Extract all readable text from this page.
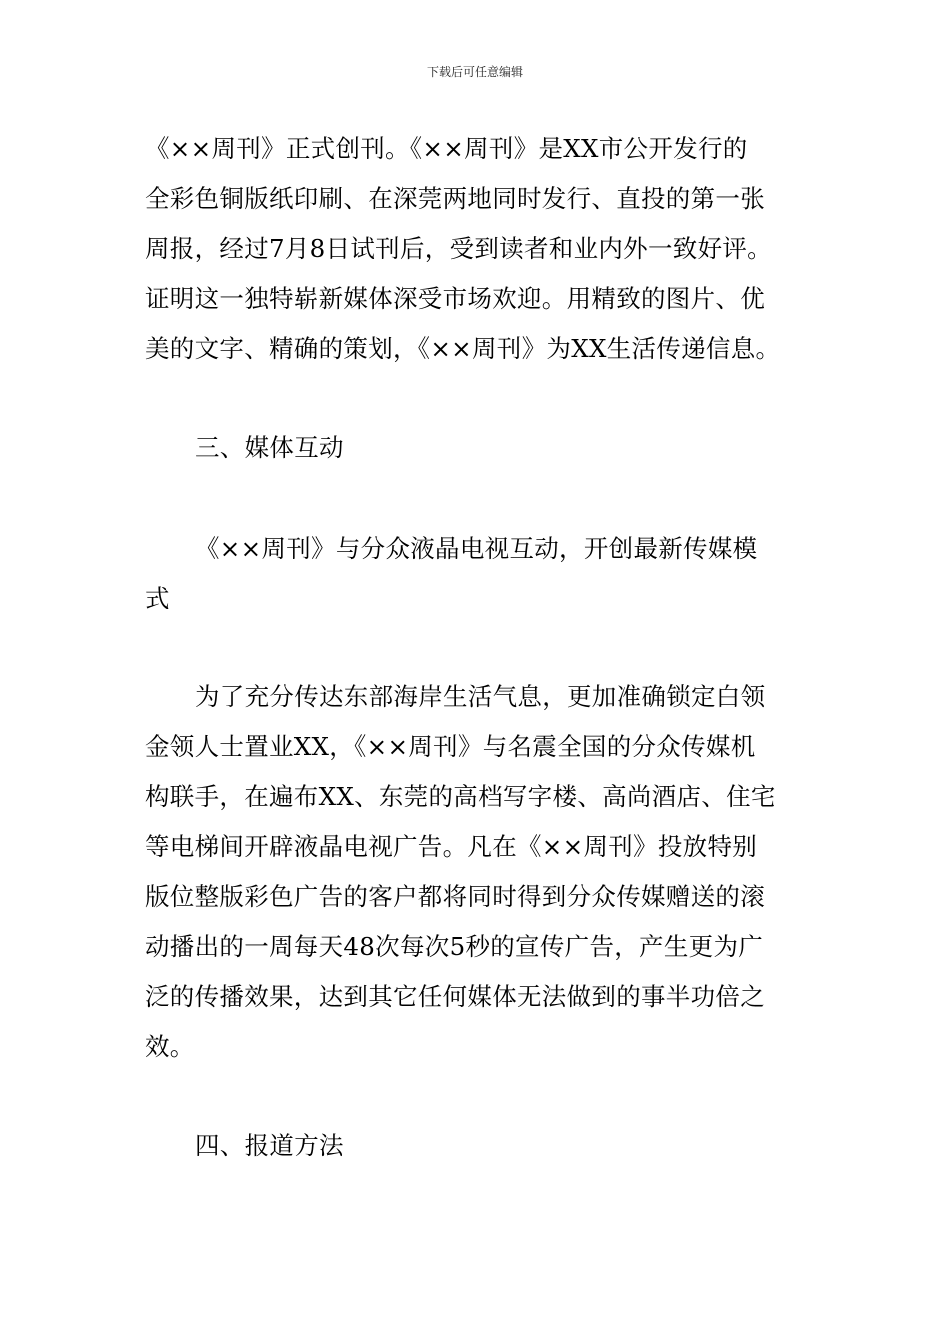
下载后可任意编辑
《××周刊》正式创刊。《××周刊》是XX市公开发行的
全彩色铜版纸印刷、在深莞两地同时发行、直投的第一张
周报，经过7月8日试刊后，受到读者和业内外一致好评。
证明这一独特崭新媒体深受市场欢迎。用精致的图片、优
美的文字、精确的策划，《××周刊》为XX生活传递信息。
三、媒体互动
《××周刊》与分众液晶电视互动，开创最新传媒模
式
为了充分传达东部海岸生活气息，更加准确锁定白领
金领人士置业XX，《××周刊》与名震全国的分众传媒机
构联手，在遍布XX、东莞的高档写字楼、高尚酒店、住宅
等电梯间开辟液晶电视广告。凡在《××周刊》投放特别
版位整版彩色广告的客户都将同时得到分众传媒赠送的滚
动播出的一周每天48次每次5秒的宣传广告，产生更为广
泛的传播效果，达到其它任何媒体无法做到的事半功倍之
效。
四、报道方法
